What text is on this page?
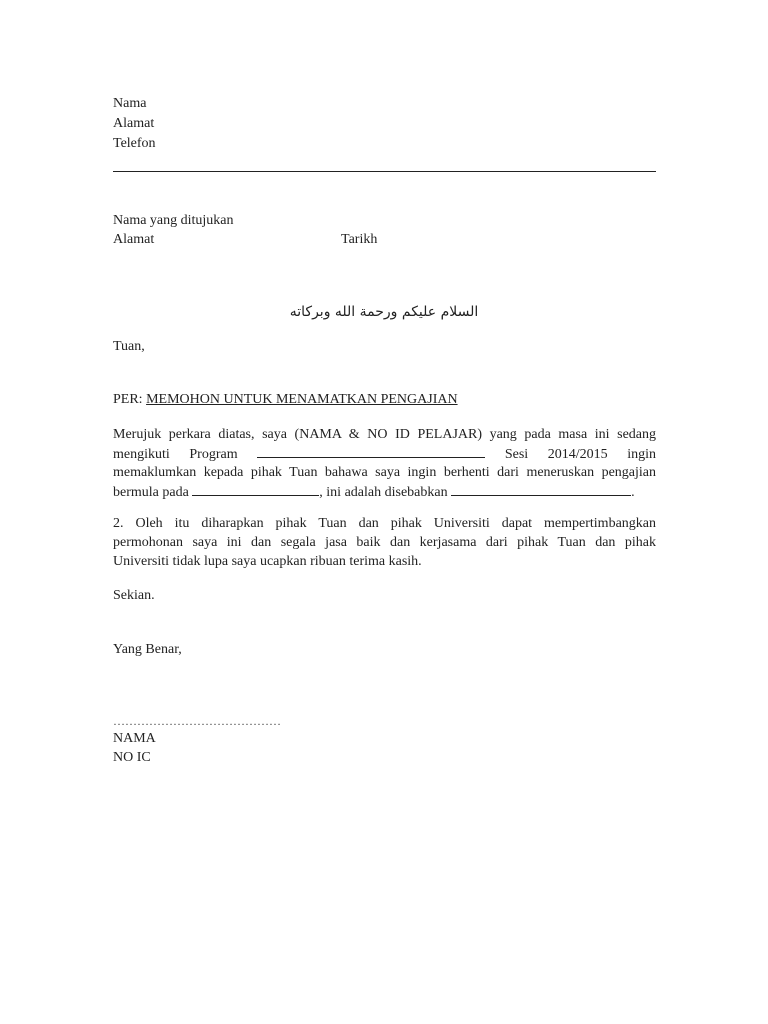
Nama
Alamat
Telefon
Nama yang ditujukan
Alamat	Tarikh
السلام عليكم ورحمة الله وبركاته
Tuan,
PER: MEMOHON UNTUK MENAMATKAN PENGAJIAN
Merujuk perkara diatas, saya (NAMA & NO ID PELAJAR) yang pada masa ini sedang
mengikuti Program	Sesi 2014/2015 ingin
memaklumkan kepada pihak Tuan bahawa saya ingin berhenti dari meneruskan pengajian
bermula pada	, ini adalah disebabkan	.
2. Oleh itu diharapkan pihak Tuan dan pihak Universiti dapat mempertimbangkan
permohonan saya ini dan segala jasa baik dan kerjasama dari pihak Tuan dan pihak
Universiti tidak lupa saya ucapkan ribuan terima kasih.
Sekian.
Yang Benar,
……………………………………
NAMA
NO IC
